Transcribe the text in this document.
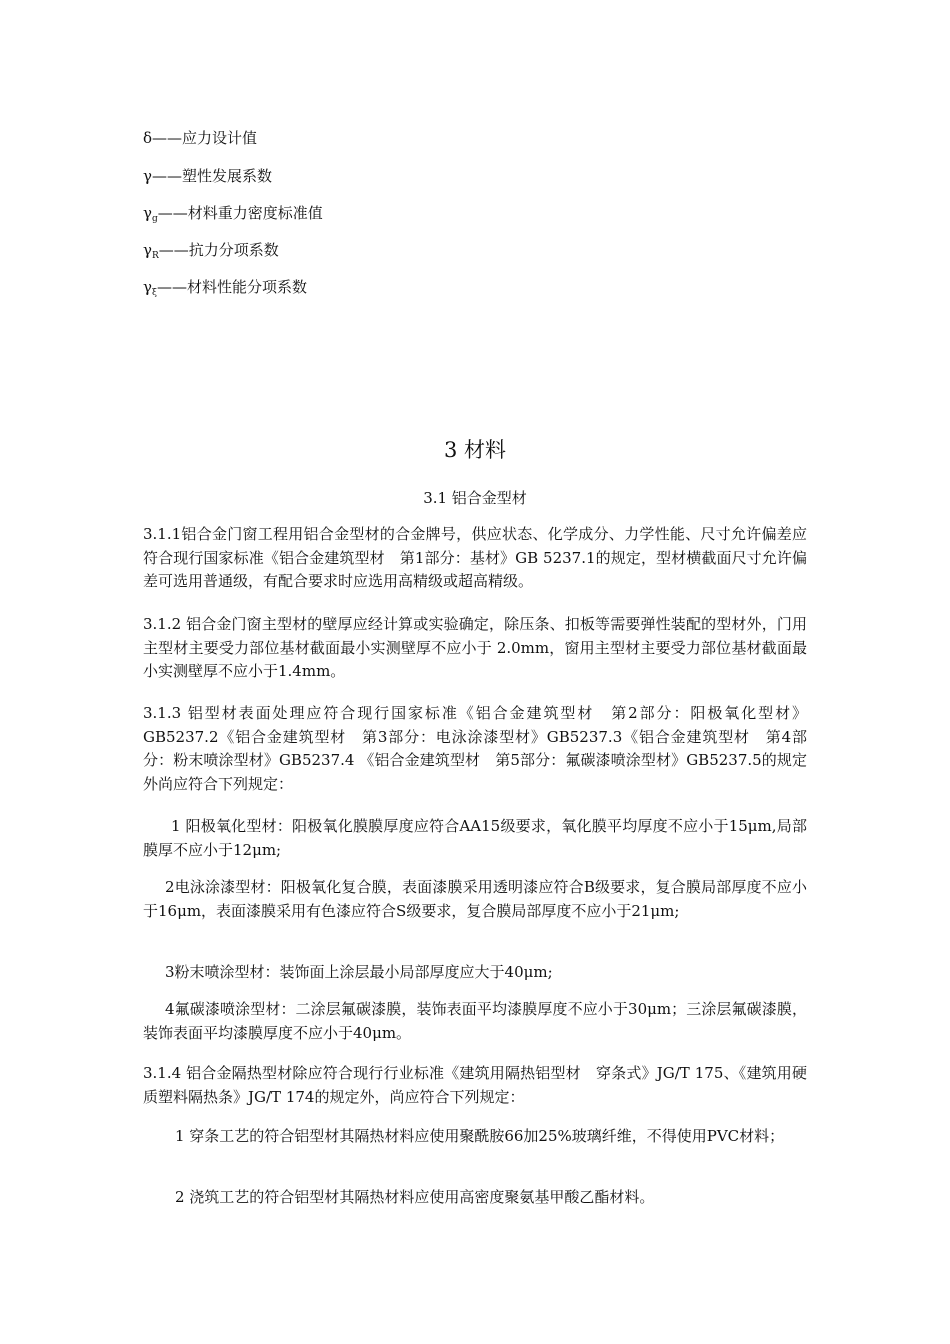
δ——应力设计值
γ——塑性发展系数
$\gamma_g——$材料重力密度标准值
$\gamma_R——$抗力分项系数
$\gamma_\xi——$材料性能分项系数
3 材料
3.1 铝合金型材
3.1.1铝合金门窗工程用铝合金型材的合金牌号，供应状态、化学成分、力学性能、尺寸允许偏差应符合现行国家标准《铝合金建筑型材　第1部分：基材》GB 5237.1的规定，型材横截面尺寸允许偏差可选用普通级，有配合要求时应选用高精级或超高精级。
3.1.2 铝合金门窗主型材的壁厚应经计算或实验确定，除压条、扣板等需要弹性装配的型材外，门用主型材主要受力部位基材截面最小实测壁厚不应小于 2.0mm，窗用主型材主要受力部位基材截面最小实测壁厚不应小于1.4mm。
3.1.3 铝型材表面处理应符合现行国家标准《铝合金建筑型材　第2部分：阳极氧化型材》GB5237.2《铝合金建筑型材　第3部分：电泳涂漆型材》GB5237.3《铝合金建筑型材　第4部分：粉末喷涂型材》GB5237.4 《铝合金建筑型材　第5部分：氟碳漆喷涂型材》GB5237.5的规定外尚应符合下列规定：
1 阳极氧化型材：阳极氧化膜膜厚度应符合AA15级要求，氧化膜平均厚度不应小于15μm,局部膜厚不应小于12μm;
2电泳涂漆型材：阳极氧化复合膜，表面漆膜采用透明漆应符合B级要求，复合膜局部厚度不应小于16μm，表面漆膜采用有色漆应符合S级要求，复合膜局部厚度不应小于21μm;
3粉末喷涂型材：装饰面上涂层最小局部厚度应大于40μm;
4氟碳漆喷涂型材：二涂层氟碳漆膜，装饰表面平均漆膜厚度不应小于30μm；三涂层氟碳漆膜，装饰表面平均漆膜厚度不应小于40μm。
3.1.4 铝合金隔热型材除应符合现行行业标准《建筑用隔热铝型材　穿条式》JG/T 175、《建筑用硬质塑料隔热条》JG/T 174的规定外，尚应符合下列规定：
1 穿条工艺的符合铝型材其隔热材料应使用聚酰胺66加25%玻璃纤维，不得使用PVC材料；
2 浇筑工艺的符合铝型材其隔热材料应使用高密度聚氨基甲酸乙酯材料。
